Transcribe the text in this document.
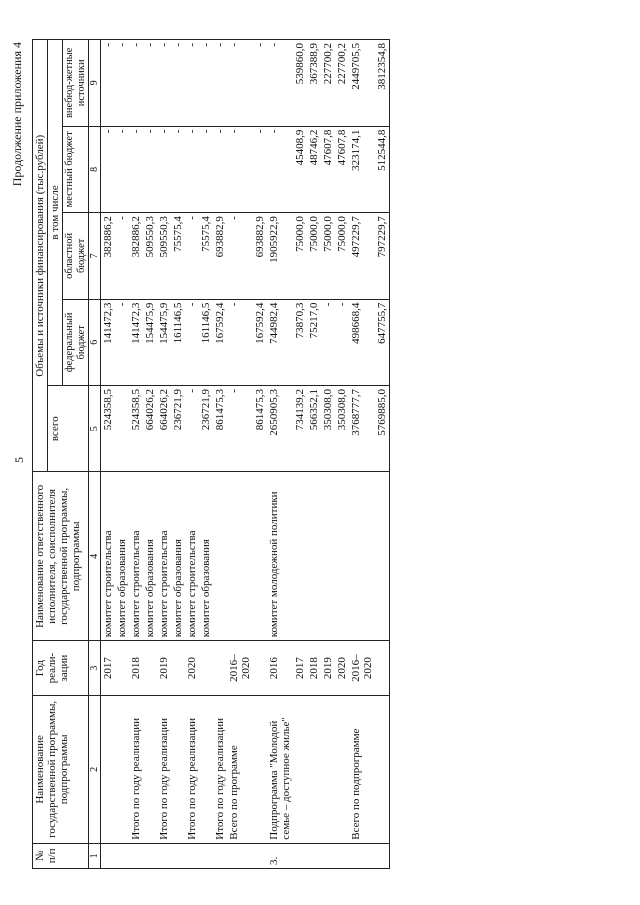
5
Продолжение приложения 4
№ п/п	Наименование государственной программы, подпрограммы	Год реали-зации	Наименование ответственного исполнителя, соисполнителя государственной программы, подпрограммы	Объемы и источники финансирования (тыс.рублей)				
				всего	в том числе			
					федеральный бюджет	областной бюджет	местный бюджет	внебюд-жетные источники
1	2	3	4	5	6	7	8	9
		2017	комитет строительства	524358,5	141472,3	382886,2	-	-
			комитет образования		-	-	-	-
	Итого по году реализации	2018	комитет строительства	524358,5	141472,3	382886,2	-	-
			комитет образования	664026,2	154475,9	509550,3	-	-
	Итого по году реализации	2019	комитет строительства	664026,2	154475,9	509550,3	-	-
			комитет образования	236721,9	161146,5	75575,4	-	-
	Итого по году реализации	2020	комитет строительства	-	-	-	-	-
			комитет образования	236721,9	161146,5	75575,4	-	-
	Итого по году реализации			861475,3	167592,4	693882,9	-	-
	Всего по программе	2016–2020		-	-	-	-	-
				861475,3	167592,4	693882,9	-	-
3.	Подпрограмма "Молодой семье – доступное жилье"	2016	комитет молодежной политики	2650905,3	744982,4	1905922,9	-	-
		2017		734139,2	73870,3	75000,0	45408,9	539860,0
		2018		566352,1	75217,0	75000,0	48746,2	367388,9
		2019		350308,0	-	75000,0	47607,8	227700,2
		2020		350308,0	-	75000,0	47607,8	227700,2
	Всего по подпрограмме	2016–2020		3768777,7	498668,4	497229,7	323174,1	2449705,5
				5769885,0	647755,7	797229,7	512544,8	3812354,8
